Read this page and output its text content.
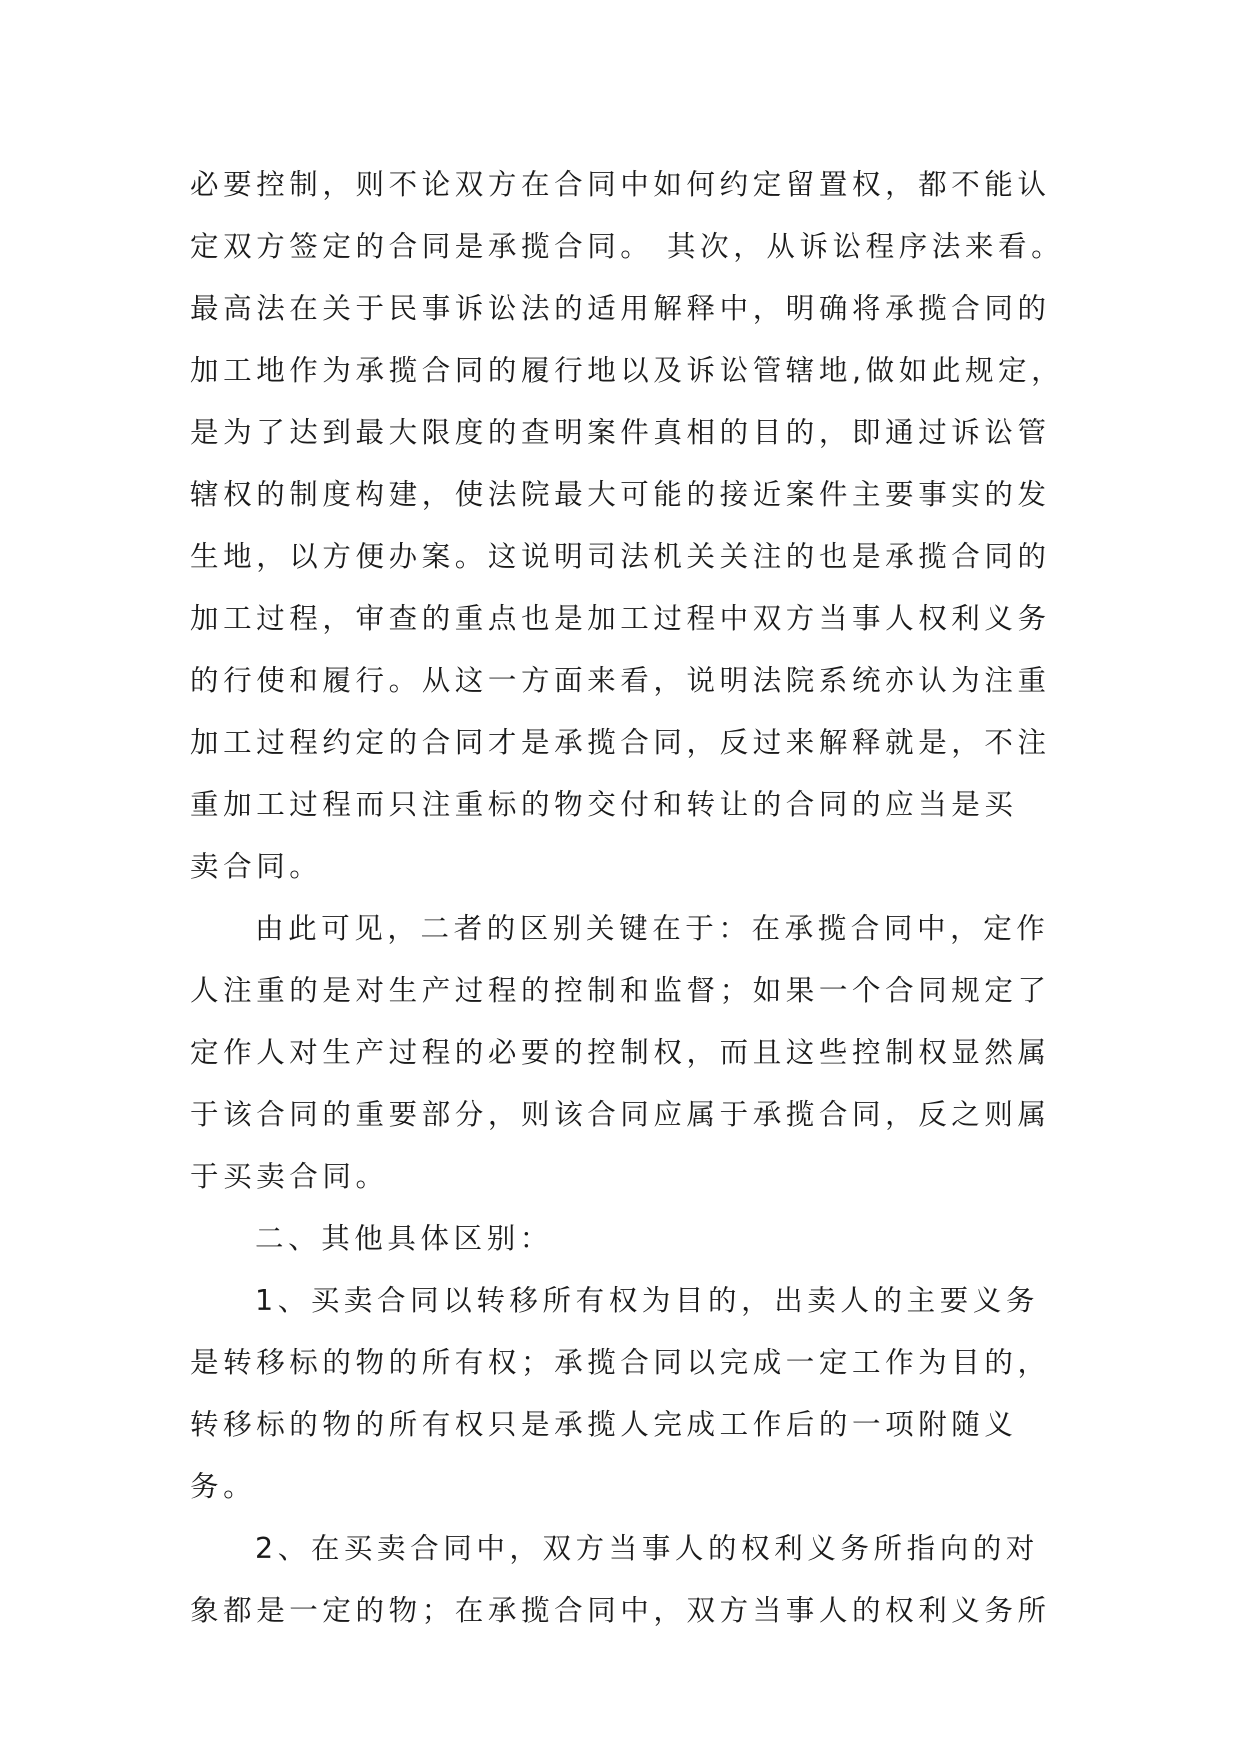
必要控制，则不论双方在合同中如何约定留置权，都不能认
定双方签定的合同是承揽合同。 其次，从诉讼程序法来看。
最高法在关于民事诉讼法的适用解释中，明确将承揽合同的
加工地作为承揽合同的履行地以及诉讼管辖地,做如此规定，
是为了达到最大限度的查明案件真相的目的，即通过诉讼管
辖权的制度构建，使法院最大可能的接近案件主要事实的发
生地，以方便办案。这说明司法机关关注的也是承揽合同的
加工过程，审查的重点也是加工过程中双方当事人权利义务
的行使和履行。从这一方面来看，说明法院系统亦认为注重
加工过程约定的合同才是承揽合同，反过来解释就是，不注
重加工过程而只注重标的物交付和转让的合同的应当是买
卖合同。
由此可见，二者的区别关键在于：在承揽合同中，定作
人注重的是对生产过程的控制和监督；如果一个合同规定了
定作人对生产过程的必要的控制权，而且这些控制权显然属
于该合同的重要部分，则该合同应属于承揽合同，反之则属
于买卖合同。
二、其他具体区别：
1、买卖合同以转移所有权为目的，出卖人的主要义务
是转移标的物的所有权；承揽合同以完成一定工作为目的，
转移标的物的所有权只是承揽人完成工作后的一项附随义
务。
2、在买卖合同中，双方当事人的权利义务所指向的对
象都是一定的物；在承揽合同中，双方当事人的权利义务所
